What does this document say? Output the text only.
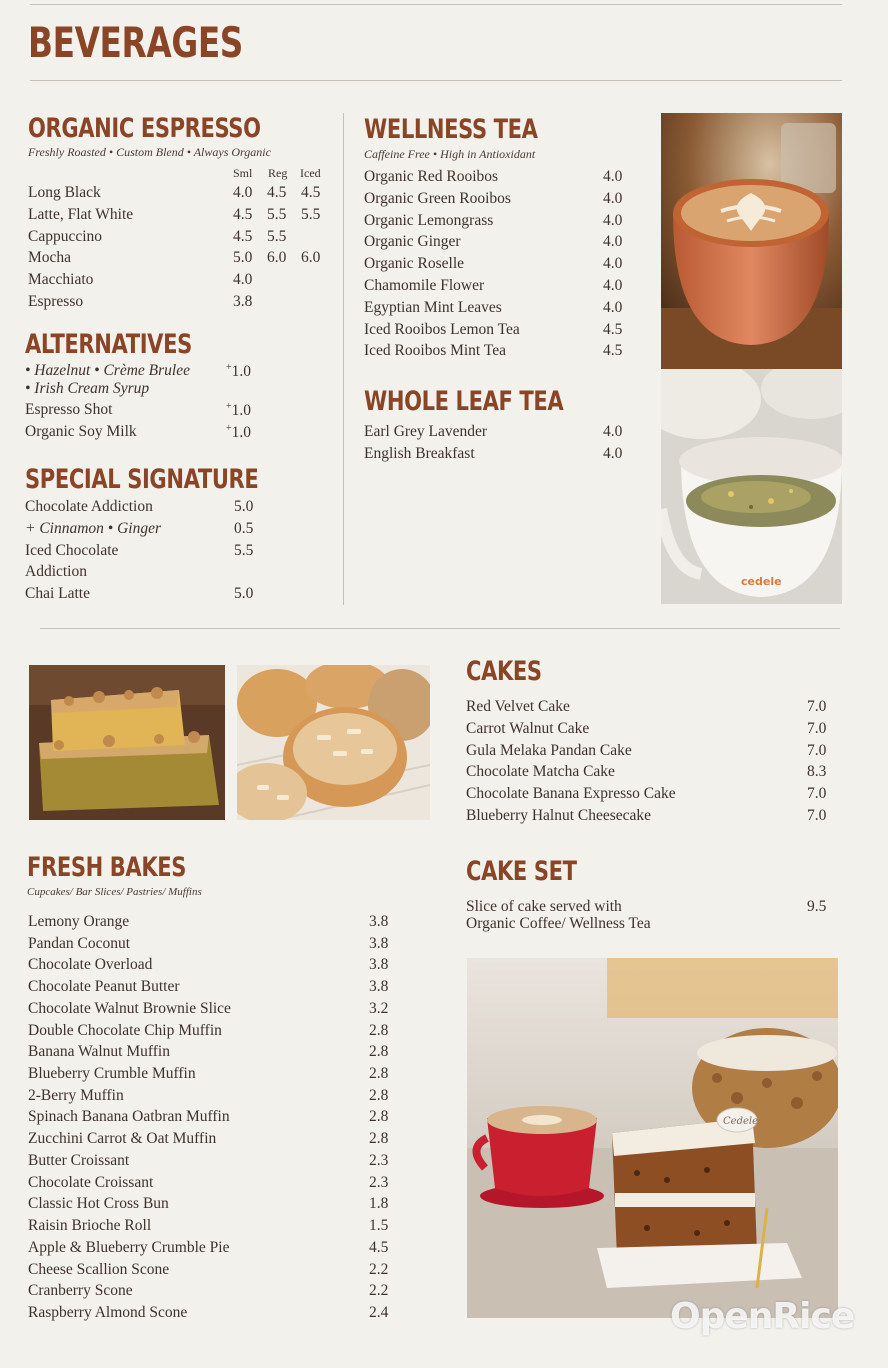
BEVERAGES
ORGANIC ESPRESSO
Freshly Roasted • Custom Blend • Always Organic
Sml Reg Iced
Long Black	4.0 4.5 4.5
Latte, Flat White	4.5 5.5 5.5
Cappuccino	4.5 5.5
Mocha	5.0 6.0 6.0
Macchiato	4.0
Espresso	3.8
ALTERNATIVES
• Hazelnut • Crème Brulee
• Irish Cream Syrup
+1.0
Espresso Shot	+1.0
Organic Soy Milk	+1.0
SPECIAL SIGNATURE
Chocolate Addiction	5.0
+ Cinnamon • Ginger	0.5
Iced Chocolate	5.5
Addiction
Chai Latte	5.0
WELLNESS TEA
Caffeine Free • High in Antioxidant
Organic Red Rooibos	4.0
Organic Green Rooibos	4.0
Organic Lemongrass	4.0
Organic Ginger	4.0
Organic Roselle	4.0
Chamomile Flower	4.0
Egyptian Mint Leaves	4.0
Iced Rooibos Lemon Tea	4.5
Iced Rooibos Mint Tea	4.5
WHOLE LEAF TEA
Earl Grey Lavender	4.0
English Breakfast	4.0
cedele
CAKES
Red Velvet Cake	7.0
Carrot Walnut Cake	7.0
Gula Melaka Pandan Cake	7.0
Chocolate Matcha Cake	8.3
Chocolate Banana Expresso Cake	7.0
Blueberry Halnut Cheesecake	7.0
CAKE SET
Slice of cake served with
Organic Coffee/ Wellness Tea
9.5
FRESH BAKES
Cupcakes/ Bar Slices/ Pastries/ Muffins
Lemony Orange	3.8
Pandan Coconut	3.8
Chocolate Overload	3.8
Chocolate Peanut Butter	3.8
Chocolate Walnut Brownie Slice	3.2
Double Chocolate Chip Muffin	2.8
Banana Walnut Muffin	2.8
Blueberry Crumble Muffin	2.8
2-Berry Muffin	2.8
Spinach Banana Oatbran Muffin	2.8
Zucchini Carrot & Oat Muffin	2.8
Butter Croissant	2.3
Chocolate Croissant	2.3
Classic Hot Cross Bun	1.8
Raisin Brioche Roll	1.5
Apple & Blueberry Crumble Pie	4.5
Cheese Scallion Scone	2.2
Cranberry Scone	2.2
Raspberry Almond Scone	2.4
Cedele
OpenRice
